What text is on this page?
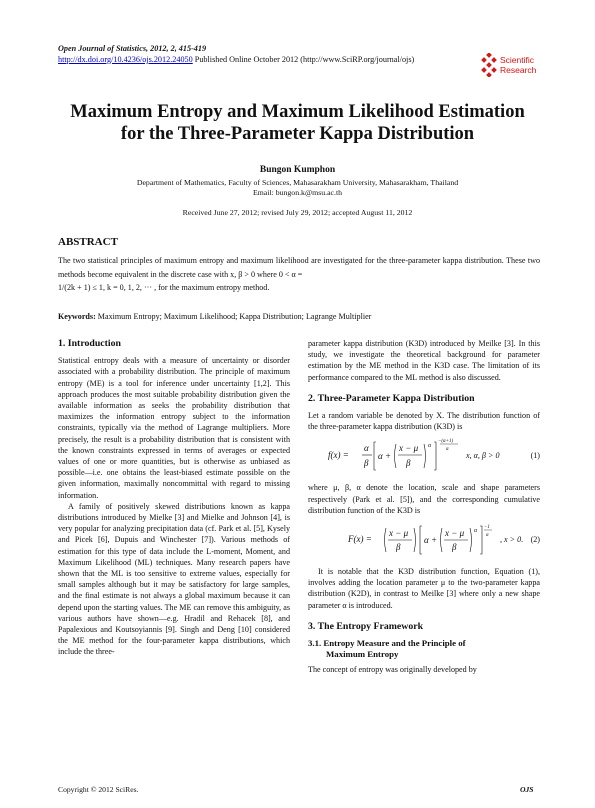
Open Journal of Statistics, 2012, 2, 415-419
http://dx.doi.org/10.4236/ojs.2012.24050 Published Online October 2012 (http://www.SciRP.org/journal/ojs)	Scientific
Research
Maximum Entropy and Maximum Likelihood Estimation
for the Three-Parameter Kappa Distribution
Bungon Kumphon
Department of Mathematics, Faculty of Sciences, Mahasarakham University, Mahasarakham, Thailand
Email: bungon.k@msu.ac.th
Received June 27, 2012; revised July 29, 2012; accepted August 11, 2012
ABSTRACT
The two statistical principles of maximum entropy and maximum likelihood are investigated for the three-parameter kappa distribution. These two methods become equivalent in the discrete case with x, β > 0 where 0 < α =
1/(2k + 1) ≤ 1, k = 0, 1, 2, ··· , for the maximum entropy method.
Keywords: Maximum Entropy; Maximum Likelihood; Kappa Distribution; Lagrange Multiplier
1. Introduction

Statistical entropy deals with a measure of uncertainty or disorder associated with a probability distribution. The principle of maximum entropy (ME) is a tool for inference under uncertainty [1,2]. This approach produces the most suitable probability distribution given the available information as seeks the probability distribution that maximizes the information entropy subject to the information constraints, typically via the method of Lagrange multipliers. More precisely, the result is a probability distribution that is consistent with the known constraints expressed in terms of averages or expected values of one or more quantities, but is otherwise as unbiased as possible—i.e. one obtains the least-biased estimate possible on the given information, maximally noncommittal with regard to missing information.

A family of positively skewed distributions known as kappa distributions introduced by Mielke [3] and Mielke and Johnson [4], is very popular for analyzing precipitation data (cf. Park et al. [5], Kysely and Picek [6], Dupuis and Winchester [7]). Various methods of estimation for this type of data include the L-moment, Moment, and Maximum Likelihood (ML) techniques. Many research papers have shown that the ML is too sensitive to extreme values, especially for small samples although but it may be satisfactory for large samples, and the final estimate is not always a global maximum because it can depend upon the starting values. The ME can remove this ambiguity, as various authors have shown—e.g. Hradil and Rehacek [8], and Papalexious and Koutsoyiannis [9]. Singh and Deng [10] considered the ME method for the four-parameter kappa distributions, which include the three-

parameter kappa distribution (K3D) introduced by Meilke [3]. In this study, we investigate the theoretical background for parameter estimation by the ME method in the K3D case. The limitation of its performance compared to the ML method is also discussed.

2. Three-Parameter Kappa Distribution

Let a random variable be denoted by X. The distribution function of the three-parameter kappa distribution (K3D) is

f(x) =
α
β
α +
x − μ
β
α
−(α+1)
α
x, α, β > 0	(1)

where μ, β, α denote the location, scale and shape parameters respectively (Park et al. [5]), and the corresponding cumulative distribution function of the K3D is

F(x) =
x − μ
β
α +
x − μ
β
α
−1
α , x > 0. (2)

It is notable that the K3D distribution function, Equation (1), involves adding the location parameter μ to the two-parameter kappa distribution (K2D), in contrast to Meilke [3] where only a new shape parameter α is introduced.

3. The Entropy Framework
3.1. Entropy Measure and the Principle of
Maximum Entropy

The concept of entropy was originally developed by

Copyright © 2012 SciRes.	OJS
